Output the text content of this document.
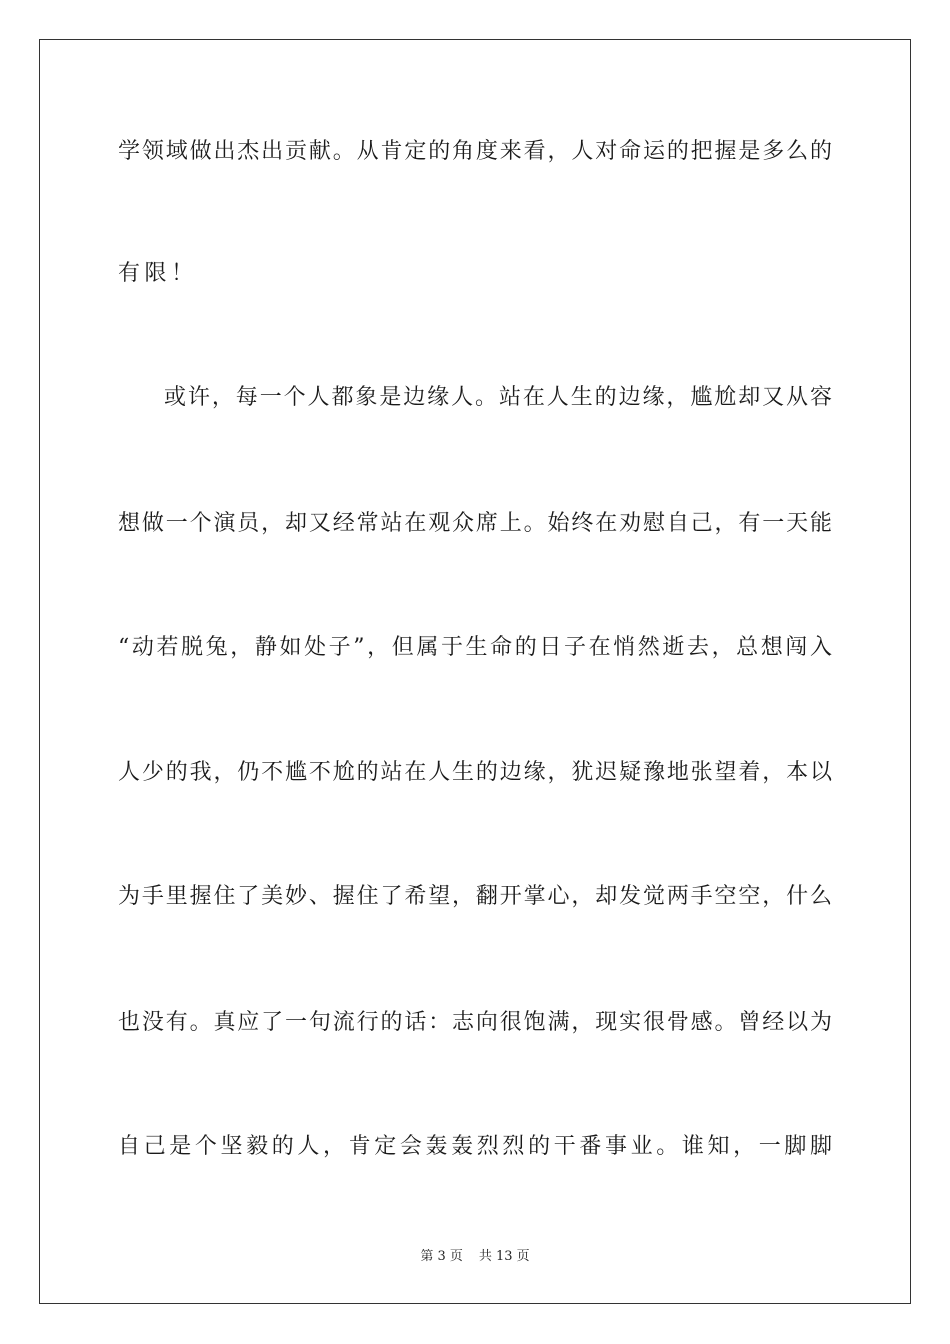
学领域做出杰出贡献。从肯定的角度来看，人对命运的把握是多么的
有限！
或许，每一个人都象是边缘人。站在人生的边缘，尴尬却又从容
想做一个演员，却又经常站在观众席上。始终在劝慰自己，有一天能
“动若脱兔，静如处子”，但属于生命的日子在悄然逝去，总想闯入
人少的我，仍不尴不尬的站在人生的边缘，犹迟疑豫地张望着，本以
为手里握住了美妙、握住了希望，翻开掌心，却发觉两手空空，什么
也没有。真应了一句流行的话：志向很饱满，现实很骨感。曾经以为
自己是个坚毅的人，肯定会轰轰烈烈的干番事业。谁知，一脚脚
第 3 页 共 13 页
